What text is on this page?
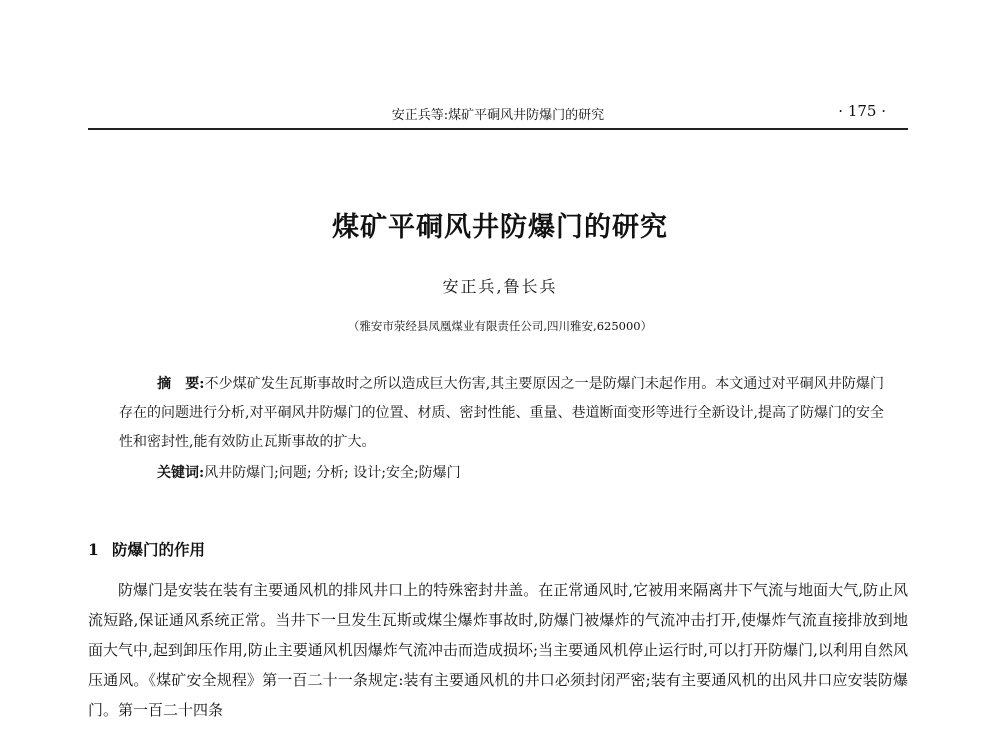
安正兵等:煤矿平硐风井防爆门的研究	· 175 ·
煤矿平硐风井防爆门的研究
安正兵,鲁长兵
（雅安市荥经县凤凰煤业有限责任公司,四川雅安,625000）
摘　要:不少煤矿发生瓦斯事故时之所以造成巨大伤害,其主要原因之一是防爆门未起作用。本文通过对平硐风井防爆门存在的问题进行分析,对平硐风井防爆门的位置、材质、密封性能、重量、巷道断面变形等进行全新设计,提高了防爆门的安全性和密封性,能有效防止瓦斯事故的扩大。
关键词:风井防爆门;问题; 分析; 设计;安全;防爆门
1 防爆门的作用
防爆门是安装在装有主要通风机的排风井口上的特殊密封井盖。在正常通风时,它被用来隔离井下气流与地面大气,防止风流短路,保证通风系统正常。当井下一旦发生瓦斯或煤尘爆炸事故时,防爆门被爆炸的气流冲击打开,使爆炸气流直接排放到地面大气中,起到卸压作用,防止主要通风机因爆炸气流冲击而造成损坏;当主要通风机停止运行时,可以打开防爆门,以利用自然风压通风。《煤矿安全规程》第一百二十一条规定:装有主要通风机的井口必须封闭严密;装有主要通风机的出风井口应安装防爆门。第一百二十四条
